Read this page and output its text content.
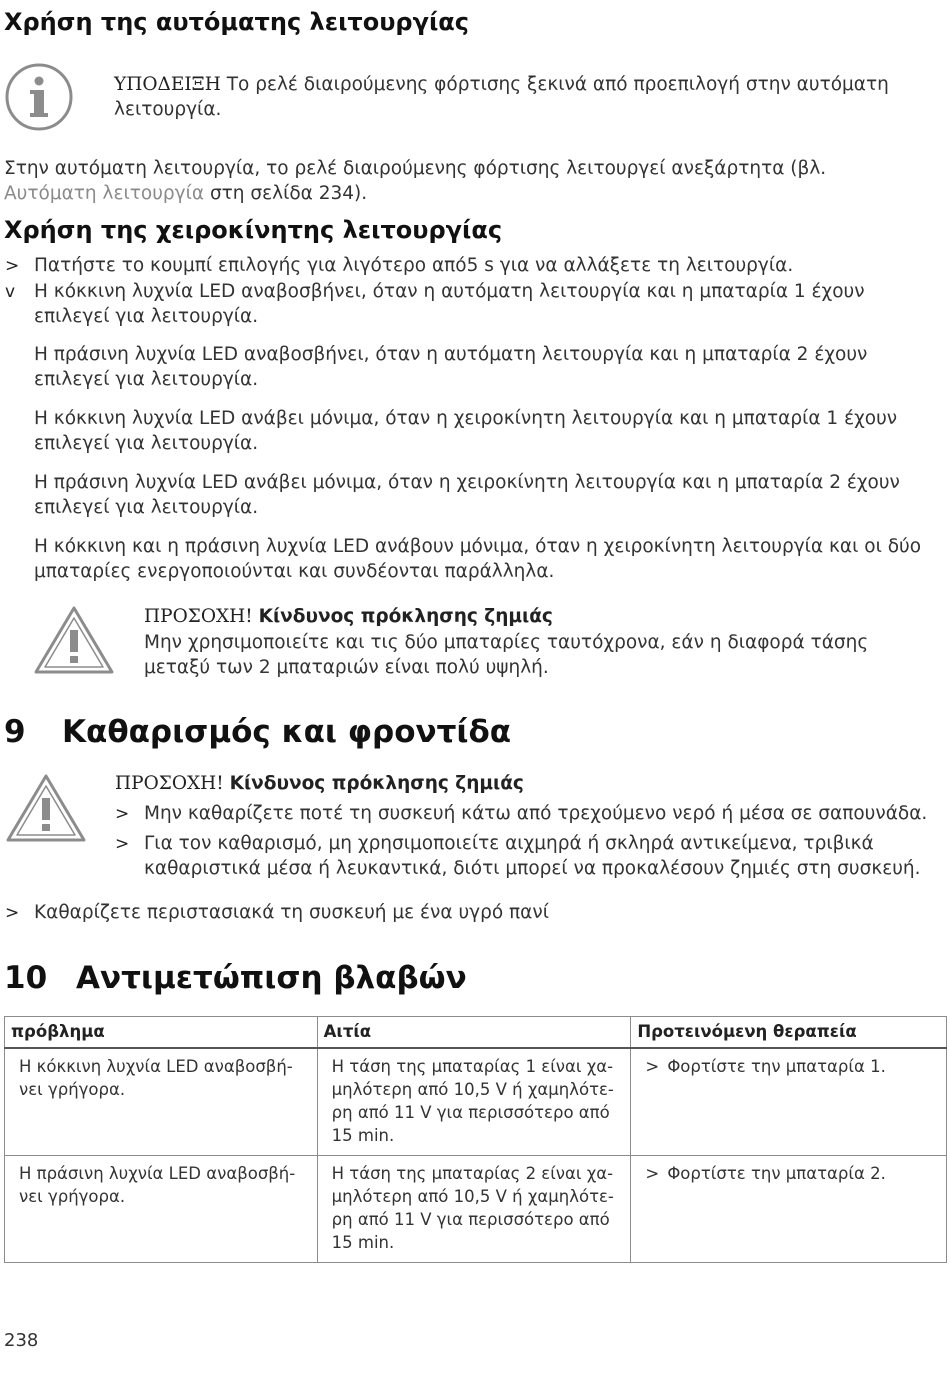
Χρήση της αυτόματης λειτουργίας

ΥΠΟΔΕΙΞΗ Το ρελέ διαιρούμενης φόρτισης ξεκινά από προεπιλογή στην αυτόματη λειτουργία.

Στην αυτόματη λειτουργία, το ρελέ διαιρούμενης φόρτισης λειτουργεί ανεξάρτητα (βλ.
Αυτόματη λειτουργία στη σελίδα 234).

Χρήση της χειροκίνητης λειτουργίας
> Πατήστε το κουμπί επιλογής για λιγότερο από5 s για να αλλάξετε τη λειτουργία.

v Η κόκκινη λυχνία LED αναβοσβήνει, όταν η αυτόματη λειτουργία και η μπαταρία 1 έχουν επιλεγεί για λειτουργία.

Η πράσινη λυχνία LED αναβοσβήνει, όταν η αυτόματη λειτουργία και η μπαταρία 2 έχουν επιλεγεί για λειτουργία.

Η κόκκινη λυχνία LED ανάβει μόνιμα, όταν η χειροκίνητη λειτουργία και η μπαταρία 1 έχουν επιλεγεί για λειτουργία.

Η πράσινη λυχνία LED ανάβει μόνιμα, όταν η χειροκίνητη λειτουργία και η μπαταρία 2 έχουν επιλεγεί για λειτουργία.

Η κόκκινη και η πράσινη λυχνία LED ανάβουν μόνιμα, όταν η χειροκίνητη λειτουργία και οι δύο μπαταρίες ενεργοποιούνται και συνδέονται παράλληλα.

ΠΡΟΣΟΧΗ! Κίνδυνος πρόκλησης ζημιάς

Μην χρησιμοποιείτε και τις δύο μπαταρίες ταυτόχρονα, εάν η διαφορά τάσης μεταξύ των 2 μπαταριών είναι πολύ υψηλή.

9 Καθαρισμός και φροντίδα

ΠΡΟΣΟΧΗ! Κίνδυνος πρόκλησης ζημιάς

> Μην καθαρίζετε ποτέ τη συσκευή κάτω από τρεχούμενο νερό ή μέσα σε σαπουνάδα.

> Για τον καθαρισμό, μη χρησιμοποιείτε αιχμηρά ή σκληρά αντικείμενα, τριβικά καθαριστικά μέσα ή λευκαντικά, διότι μπορεί να προκαλέσουν ζημιές στη συσκευή.

> Καθαρίζετε περιστασιακά τη συσκευή με ένα υγρό πανί

10 Αντιμετώπιση βλαβών
πρόβλημα	Αιτία	Προτεινόμενη θεραπεία
Η κόκκινη λυχνία LED αναβοσβή-νει γρήγορα.	Η τάση της μπαταρίας 1 είναι χα-μηλότερη από 10,5 V ή χαμηλότε-ρη από 11 V για περισσότερο από 15 min.	> Φορτίστε την μπαταρία 1.
Η πράσινη λυχνία LED αναβοσβή-νει γρήγορα.	Η τάση της μπαταρίας 2 είναι χα-μηλότερη από 10,5 V ή χαμηλότε-ρη από 11 V για περισσότερο από 15 min.	> Φορτίστε την μπαταρία 2.
238
